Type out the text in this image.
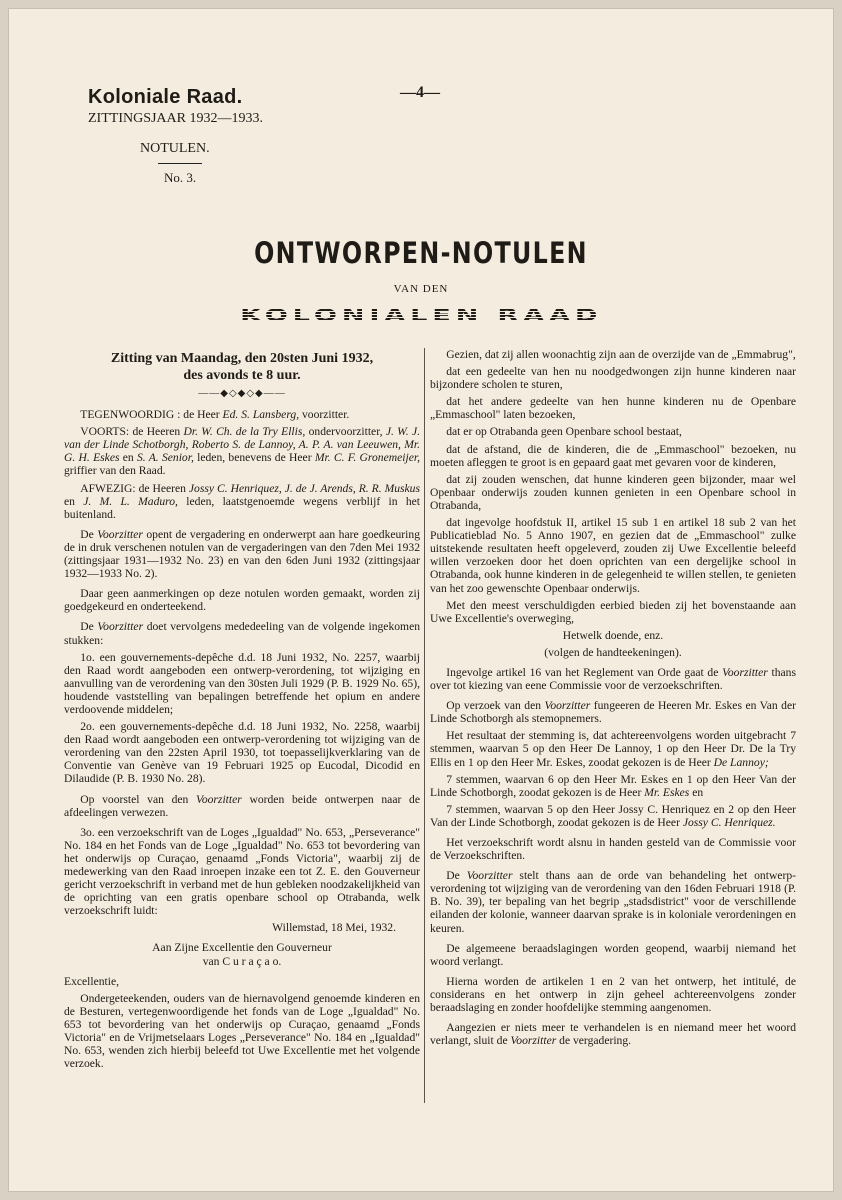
Koloniale Raad.
ZITTINGSJAAR 1932—1933.
NOTULEN.
No. 3.
—4—
ONTWORPEN-NOTULEN
VAN DEN
KOLONIALEN RAAD
Zitting van Maandag, den 20sten Juni 1932,
des avonds te 8 uur.
——◆◇◆◇◆——

TEGENWOORDIG : de Heer Ed. S. Lansberg, voorzitter.

VOORTS: de Heeren Dr. W. Ch. de la Try Ellis, ondervoorzitter, J. W. J. van der Linde Schotborgh, Roberto S. de Lannoy, A. P. A. van Leeuwen, Mr. G. H. Eskes en S. A. Senior, leden, benevens de Heer Mr. C. F. Gronemeijer, griffier van den Raad.

AFWEZIG: de Heeren Jossy C. Henriquez, J. de J. Arends, R. R. Muskus en J. M. L. Maduro, leden, laatstgenoemde wegens verblijf in het buitenland.

De Voorzitter opent de vergadering en onderwerpt aan hare goedkeuring de in druk verschenen notulen van de vergaderingen van den 7den Mei 1932 (zittingsjaar 1931—1932 No. 23) en van den 6den Juni 1932 (zittingsjaar 1932—1933 No. 2).

Daar geen aanmerkingen op deze notulen worden gemaakt, worden zij goedgekeurd en onderteekend.

De Voorzitter doet vervolgens mededeeling van de volgende ingekomen stukken:

1o. een gouvernements-depêche d.d. 18 Juni 1932, No. 2257, waarbij den Raad wordt aangeboden een ontwerp-verordening, tot wijziging en aanvulling van de verordening van den 30sten Juli 1929 (P. B. 1929 No. 65), houdende vaststelling van bepalingen betreffende het opium en andere verdoovende middelen;

2o. een gouvernements-depêche d.d. 18 Juni 1932, No. 2258, waarbij den Raad wordt aangeboden een ontwerp-verordening tot wijziging van de verordening van den 22sten April 1930, tot toepasselijkverklaring van de Conventie van Genève van 19 Februari 1925 op Eucodal, Dicodid en Dilaudide (P. B. 1930 No. 28).

Op voorstel van den Voorzitter worden beide ontwerpen naar de afdeelingen verwezen.

3o. een verzoekschrift van de Loges „Igualdad" No. 653, „Perseverance" No. 184 en het Fonds van de Loge „Igualdad" No. 653 tot bevordering van het onderwijs op Curaçao, genaamd „Fonds Victoria", waarbij zij de medewerking van den Raad inroepen inzake een tot Z. E. den Gouverneur gericht verzoekschrift in verband met de hun gebleken noodzakelijkheid van de oprichting van een gratis openbare school op Otrabanda, welk verzoekschrift luidt:

Willemstad, 18 Mei, 1932.

Aan Zijne Excellentie den Gouverneur
van C u r a ç a o.

Excellentie,

Ondergeteekenden, ouders van de hiernavolgend genoemde kinderen en de Besturen, vertegenwoordigende het fonds van de Loge „Igualdad" No. 653 tot bevordering van het onderwijs op Curaçao, genaamd „Fonds Victoria" en de Vrijmetselaars Loges „Perseverance" No. 184 en „Igualdad" No. 653, wenden zich hierbij beleefd tot Uwe Excellentie met het volgende verzoek.

Gezien, dat zij allen woonachtig zijn aan de overzijde van de „Emmabrug",

dat een gedeelte van hen nu noodgedwongen zijn hunne kinderen naar bijzondere scholen te sturen,

dat het andere gedeelte van hen hunne kinderen nu de Openbare „Emmaschool" laten bezoeken,

dat er op Otrabanda geen Openbare school bestaat,

dat de afstand, die de kinderen, die de „Emmaschool" bezoeken, nu moeten afleggen te groot is en gepaard gaat met gevaren voor de kinderen,

dat zij zouden wenschen, dat hunne kinderen geen bijzonder, maar wel Openbaar onderwijs zouden kunnen genieten in een Openbare school in Otrabanda,

dat ingevolge hoofdstuk II, artikel 15 sub 1 en artikel 18 sub 2 van het Publicatieblad No. 5 Anno 1907, en gezien dat de „Emmaschool" zulke uitstekende resultaten heeft opgeleverd, zouden zij Uwe Excellentie beleefd willen verzoeken door het doen oprichten van een dergelijke school in Otrabanda, ook hunne kinderen in de gelegenheid te willen stellen, te genieten van het zoo gewenschte Openbaar onderwijs.

Met den meest verschuldigden eerbied bieden zij het bovenstaande aan Uwe Excellentie's overweging,

Hetwelk doende, enz.

(volgen de handteekeningen).

Ingevolge artikel 16 van het Reglement van Orde gaat de Voorzitter thans over tot kiezing van eene Commissie voor de verzoekschriften.

Op verzoek van den Voorzitter fungeeren de Heeren Mr. Eskes en Van der Linde Schotborgh als stemopnemers.

Het resultaat der stemming is, dat achtereenvolgens worden uitgebracht 7 stemmen, waarvan 5 op den Heer De Lannoy, 1 op den Heer Dr. De la Try Ellis en 1 op den Heer Mr. Eskes, zoodat gekozen is de Heer De Lannoy;

7 stemmen, waarvan 6 op den Heer Mr. Eskes en 1 op den Heer Van der Linde Schotborgh, zoodat gekozen is de Heer Mr. Eskes en

7 stemmen, waarvan 5 op den Heer Jossy C. Henriquez en 2 op den Heer Van der Linde Schotborgh, zoodat gekozen is de Heer Jossy C. Henriquez.

Het verzoekschrift wordt alsnu in handen gesteld van de Commissie voor de Verzoekschriften.

De Voorzitter stelt thans aan de orde van behandeling het ontwerp-verordening tot wijziging van de verordening van den 16den Februari 1918 (P. B. No. 39), ter bepaling van het begrip „stadsdistrict" voor de verschillende eilanden der kolonie, wanneer daarvan sprake is in koloniale verordeningen en keuren.

De algemeene beraadslagingen worden geopend, waarbij niemand het woord verlangt.

Hierna worden de artikelen 1 en 2 van het ontwerp, het intitulé, de considerans en het ontwerp in zijn geheel achtereenvolgens zonder beraadslaging en zonder hoofdelijke stemming aangenomen.

Aangezien er niets meer te verhandelen is en niemand meer het woord verlangt, sluit de Voorzitter de vergadering.
